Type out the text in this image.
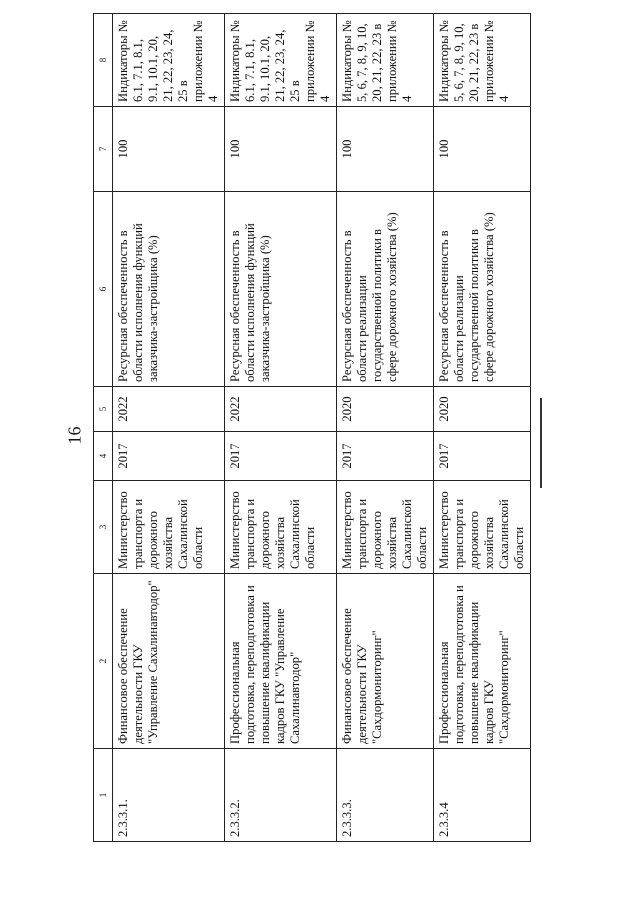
16
1	2	3	4	5	6	7	8
2.3.3.1.	Финансовое обеспечение деятельности ГКУ "Управление Сахалинавтодор"	Министерство транспорта и дорожного хозяйства Сахалинской области	2017	2022	Ресурсная обеспеченность в области исполнения функций заказчика-застройщика (%)	100	Индикаторы № 6.1, 7.1, 8.1, 9.1, 10.1, 20, 21, 22, 23, 24, 25 в приложении № 4
2.3.3.2.	Профессиональная подготовка, переподготовка и повышение квалификации кадров ГКУ "Управление Сахалинавтодор"	Министерство транспорта и дорожного хозяйства Сахалинской области	2017	2022	Ресурсная обеспеченность в области исполнения функций заказчика-застройщика (%)	100	Индикаторы № 6.1, 7.1, 8.1, 9.1, 10.1, 20, 21, 22, 23, 24, 25 в приложении № 4
2.3.3.3.	Финансовое обеспечение деятельности ГКУ "Сахдормониторинг"	Министерство транспорта и дорожного хозяйства Сахалинской области	2017	2020	Ресурсная обеспеченность в области реализации государственной политики в сфере дорожного хозяйства (%)	100	Индикаторы № 5, 6, 7, 8, 9, 10, 20, 21, 22, 23 в приложении № 4
2.3.3.4	Профессиональная подготовка, переподготовка и повышение квалификации кадров ГКУ "Сахдормониторинг"	Министерство транспорта и дорожного хозяйства Сахалинской области	2017	2020	Ресурсная обеспеченность в области реализации государственной политики в сфере дорожного хозяйства (%)	100	Индикаторы № 5, 6, 7, 8, 9, 10, 20, 21, 22, 23 в приложении № 4
